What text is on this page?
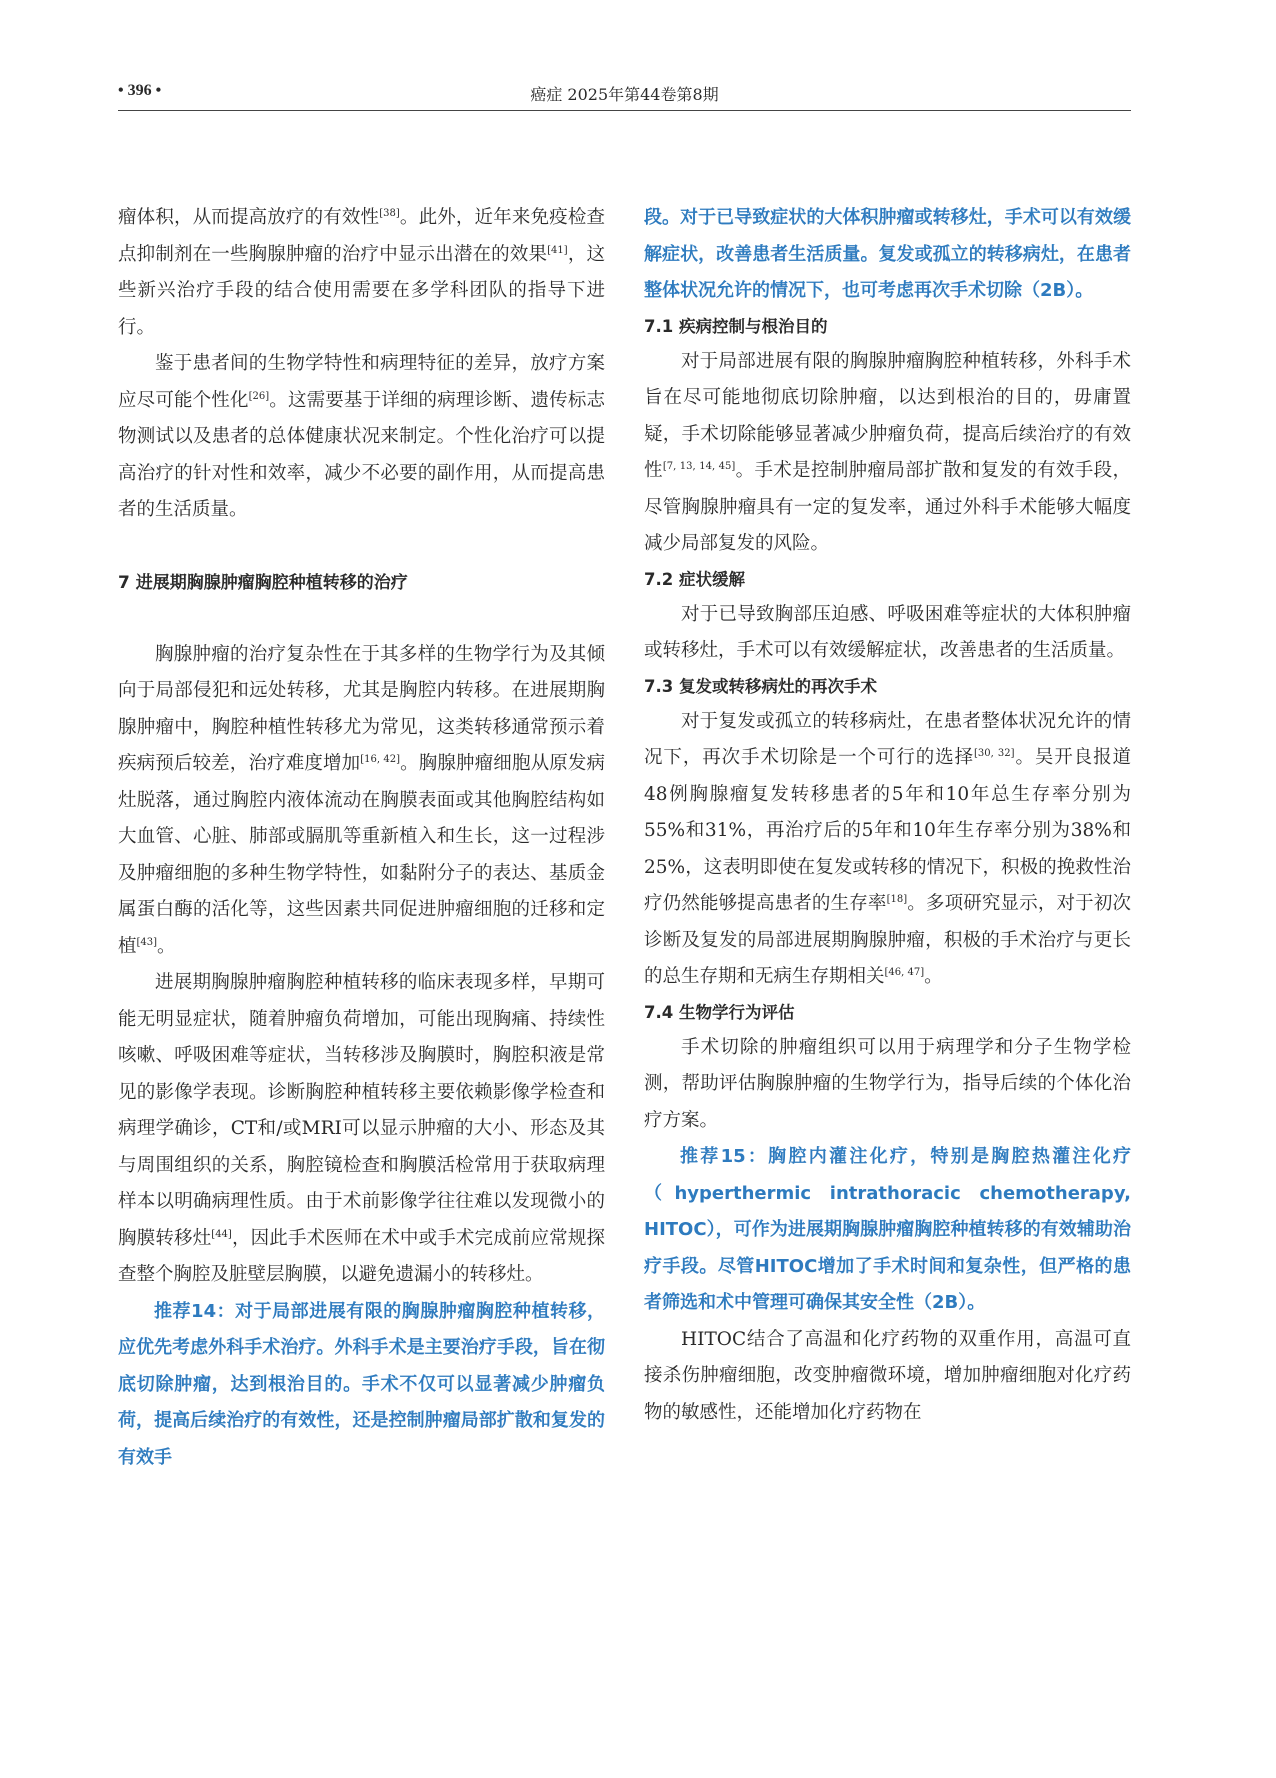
• 396 •	癌症 2025年第44卷第8期

瘤体积，从而提高放疗的有效性[38]。此外，近年来免疫检查点抑制剂在一些胸腺肿瘤的治疗中显示出潜在的效果[41]，这些新兴治疗手段的结合使用需要在多学科团队的指导下进行。

鉴于患者间的生物学特性和病理特征的差异，放疗方案应尽可能个性化[26]。这需要基于详细的病理诊断、遗传标志物测试以及患者的总体健康状况来制定。个性化治疗可以提高治疗的针对性和效率，减少不必要的副作用，从而提高患者的生活质量。

7 进展期胸腺肿瘤胸腔种植转移的治疗

胸腺肿瘤的治疗复杂性在于其多样的生物学行为及其倾向于局部侵犯和远处转移，尤其是胸腔内转移。在进展期胸腺肿瘤中，胸腔种植性转移尤为常见，这类转移通常预示着疾病预后较差，治疗难度增加[16, 42]。胸腺肿瘤细胞从原发病灶脱落，通过胸腔内液体流动在胸膜表面或其他胸腔结构如大血管、心脏、肺部或膈肌等重新植入和生长，这一过程涉及肿瘤细胞的多种生物学特性，如黏附分子的表达、基质金属蛋白酶的活化等，这些因素共同促进肿瘤细胞的迁移和定植[43]。

进展期胸腺肿瘤胸腔种植转移的临床表现多样，早期可能无明显症状，随着肿瘤负荷增加，可能出现胸痛、持续性咳嗽、呼吸困难等症状，当转移涉及胸膜时，胸腔积液是常见的影像学表现。诊断胸腔种植转移主要依赖影像学检查和病理学确诊，CT和/或MRI可以显示肿瘤的大小、形态及其与周围组织的关系，胸腔镜检查和胸膜活检常用于获取病理样本以明确病理性质。由于术前影像学往往难以发现微小的胸膜转移灶[44]，因此手术医师在术中或手术完成前应常规探查整个胸腔及脏壁层胸膜，以避免遗漏小的转移灶。

推荐14：对于局部进展有限的胸腺肿瘤胸腔种植转移，应优先考虑外科手术治疗。外科手术是主要治疗手段，旨在彻底切除肿瘤，达到根治目的。手术不仅可以显著减少肿瘤负荷，提高后续治疗的有效性，还是控制肿瘤局部扩散和复发的有效手

段。对于已导致症状的大体积肿瘤或转移灶，手术可以有效缓解症状，改善患者生活质量。复发或孤立的转移病灶，在患者整体状况允许的情况下，也可考虑再次手术切除（2B）。

7.1 疾病控制与根治目的

对于局部进展有限的胸腺肿瘤胸腔种植转移，外科手术旨在尽可能地彻底切除肿瘤，以达到根治的目的，毋庸置疑，手术切除能够显著减少肿瘤负荷，提高后续治疗的有效性[7, 13, 14, 45]。手术是控制肿瘤局部扩散和复发的有效手段，尽管胸腺肿瘤具有一定的复发率，通过外科手术能够大幅度减少局部复发的风险。

7.2 症状缓解

对于已导致胸部压迫感、呼吸困难等症状的大体积肿瘤或转移灶，手术可以有效缓解症状，改善患者的生活质量。

7.3 复发或转移病灶的再次手术

对于复发或孤立的转移病灶，在患者整体状况允许的情况下，再次手术切除是一个可行的选择[30, 32]。吴开良报道48例胸腺瘤复发转移患者的5年和10年总生存率分别为55%和31%，再治疗后的5年和10年生存率分别为38%和25%，这表明即使在复发或转移的情况下，积极的挽救性治疗仍然能够提高患者的生存率[18]。多项研究显示，对于初次诊断及复发的局部进展期胸腺肿瘤，积极的手术治疗与更长的总生存期和无病生存期相关[46, 47]。

7.4 生物学行为评估

手术切除的肿瘤组织可以用于病理学和分子生物学检测，帮助评估胸腺肿瘤的生物学行为，指导后续的个体化治疗方案。

推荐15：胸腔内灌注化疗，特别是胸腔热灌注化疗（hyperthermic intrathoracic chemotherapy, HITOC），可作为进展期胸腺肿瘤胸腔种植转移的有效辅助治疗手段。尽管HITOC增加了手术时间和复杂性，但严格的患者筛选和术中管理可确保其安全性（2B）。

HITOC结合了高温和化疗药物的双重作用，高温可直接杀伤肿瘤细胞，改变肿瘤微环境，增加肿瘤细胞对化疗药物的敏感性，还能增加化疗药物在
